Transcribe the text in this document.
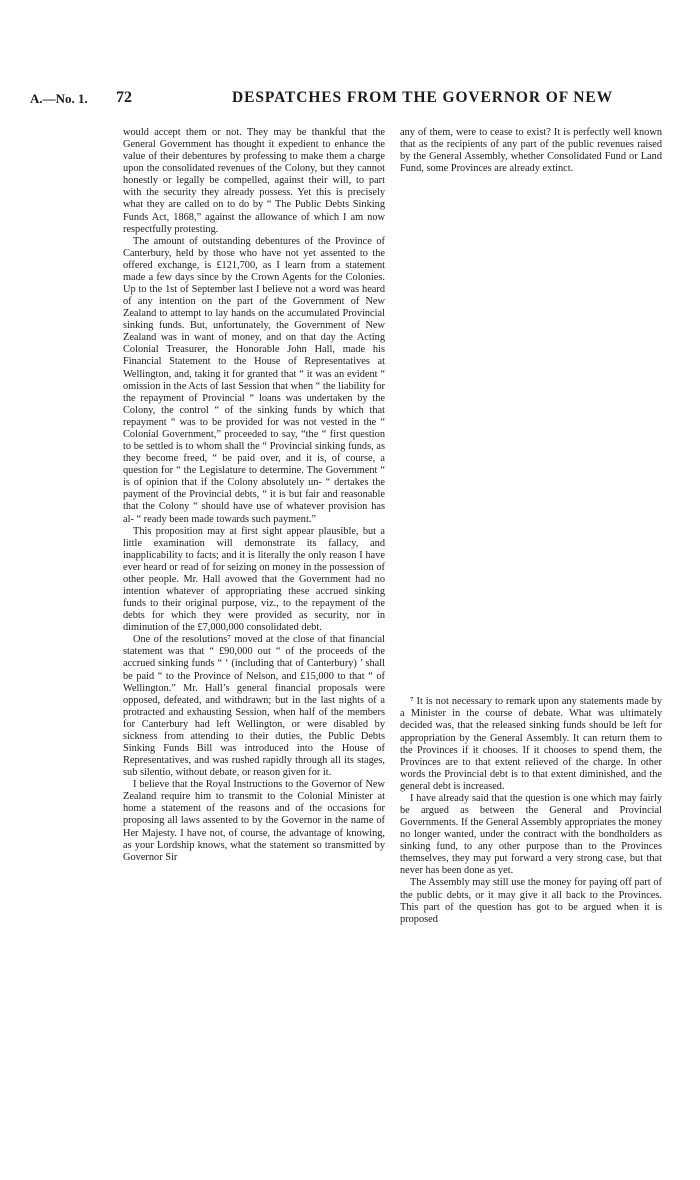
A.—No. 1. 72	DESPATCHES FROM THE GOVERNOR OF NEW

would accept them or not. They may be thankful that the General Government has thought it expedient to enhance the value of their debentures by professing to make them a charge upon the consolidated revenues of the Colony, but they cannot honestly or legally be compelled, against their will, to part with the security they already possess. Yet this is precisely what they are called on to do by “ The Public Debts Sinking Funds Act, 1868,” against the allowance of which I am now respectfully protesting.

The amount of outstanding debentures of the Province of Canterbury, held by those who have not yet assented to the offered exchange, is £121,700, as I learn from a statement made a few days since by the Crown Agents for the Colonies. Up to the 1st of September last I believe not a word was heard of any intention on the part of the Government of New Zealand to attempt to lay hands on the accumulated Provincial sinking funds. But, unfortunately, the Government of New Zealand was in want of money, and on that day the Acting Colonial Treasurer, the Honorable John Hall, made his Financial Statement to the House of Representatives at Wellington, and, taking it for granted that “ it was an evident “ omission in the Acts of last Session that when “ the liability for the repayment of Provincial “ loans was undertaken by the Colony, the control “ of the sinking funds by which that repayment “ was to be provided for was not vested in the “ Colonial Government,” proceeded to say, “the “ first question to be settled is to whom shall the “ Provincial sinking funds, as they become freed, “ be paid over, and it is, of course, a question for “ the Legislature to determine. The Government “ is of opinion that if the Colony absolutely un- “ dertakes the payment of the Provincial debts, “ it is but fair and reasonable that the Colony “ should have use of whatever provision has al- “ ready been made towards such payment.”

This proposition may at first sight appear plausible, but a little examination will demonstrate its fallacy, and inapplicability to facts; and it is literally the only reason I have ever heard or read of for seizing on money in the possession of other people. Mr. Hall avowed that the Government had no intention whatever of appropriating these accrued sinking funds to their original purpose, viz., to the repayment of the debts for which they were provided as security, nor in diminution of the £7,000,000 consolidated debt.

One of the resolutions⁷ moved at the close of that financial statement was that “ £90,000 out “ of the proceeds of the accrued sinking funds “ ‘ (including that of Canterbury) ’ shall be paid “ to the Province of Nelson, and £15,000 to that “ of Wellington.” Mr. Hall’s general financial proposals were opposed, defeated, and withdrawn; but in the last nights of a protracted and exhausting Session, when half of the members for Canterbury had left Wellington, or were disabled by sickness from attending to their duties, the Public Debts Sinking Funds Bill was introduced into the House of Representatives, and was rushed rapidly through all its stages, sub silentio, without debate, or reason given for it.

I believe that the Royal Instructions to the Governor of New Zealand require him to transmit to the Colonial Minister at home a statement of the reasons and of the occasions for proposing all laws assented to by the Governor in the name of Her Majesty. I have not, of course, the advantage of knowing, as your Lordship knows, what the statement so transmitted by Governor Sir

any of them, were to cease to exist? It is perfectly well known that as the recipients of any part of the public revenues raised by the General Assembly, whether Consolidated Fund or Land Fund, some Provinces are already extinct.

⁷ It is not necessary to remark upon any statements made by a Minister in the course of debate. What was ultimately decided was, that the released sinking funds should be left for appropriation by the General Assembly. It can return them to the Provinces if it chooses. If it chooses to spend them, the Provinces are to that extent relieved of the charge. In other words the Provincial debt is to that extent diminished, and the general debt is increased.

I have already said that the question is one which may fairly be argued as between the General and Provincial Governments. If the General Assembly appropriates the money no longer wanted, under the contract with the bondholders as sinking fund, to any other purpose than to the Provinces themselves, they may put forward a very strong case, but that never has been done as yet.

The Assembly may still use the money for paying off part of the public debts, or it may give it all back to the Provinces. This part of the question has got to be argued when it is proposed
